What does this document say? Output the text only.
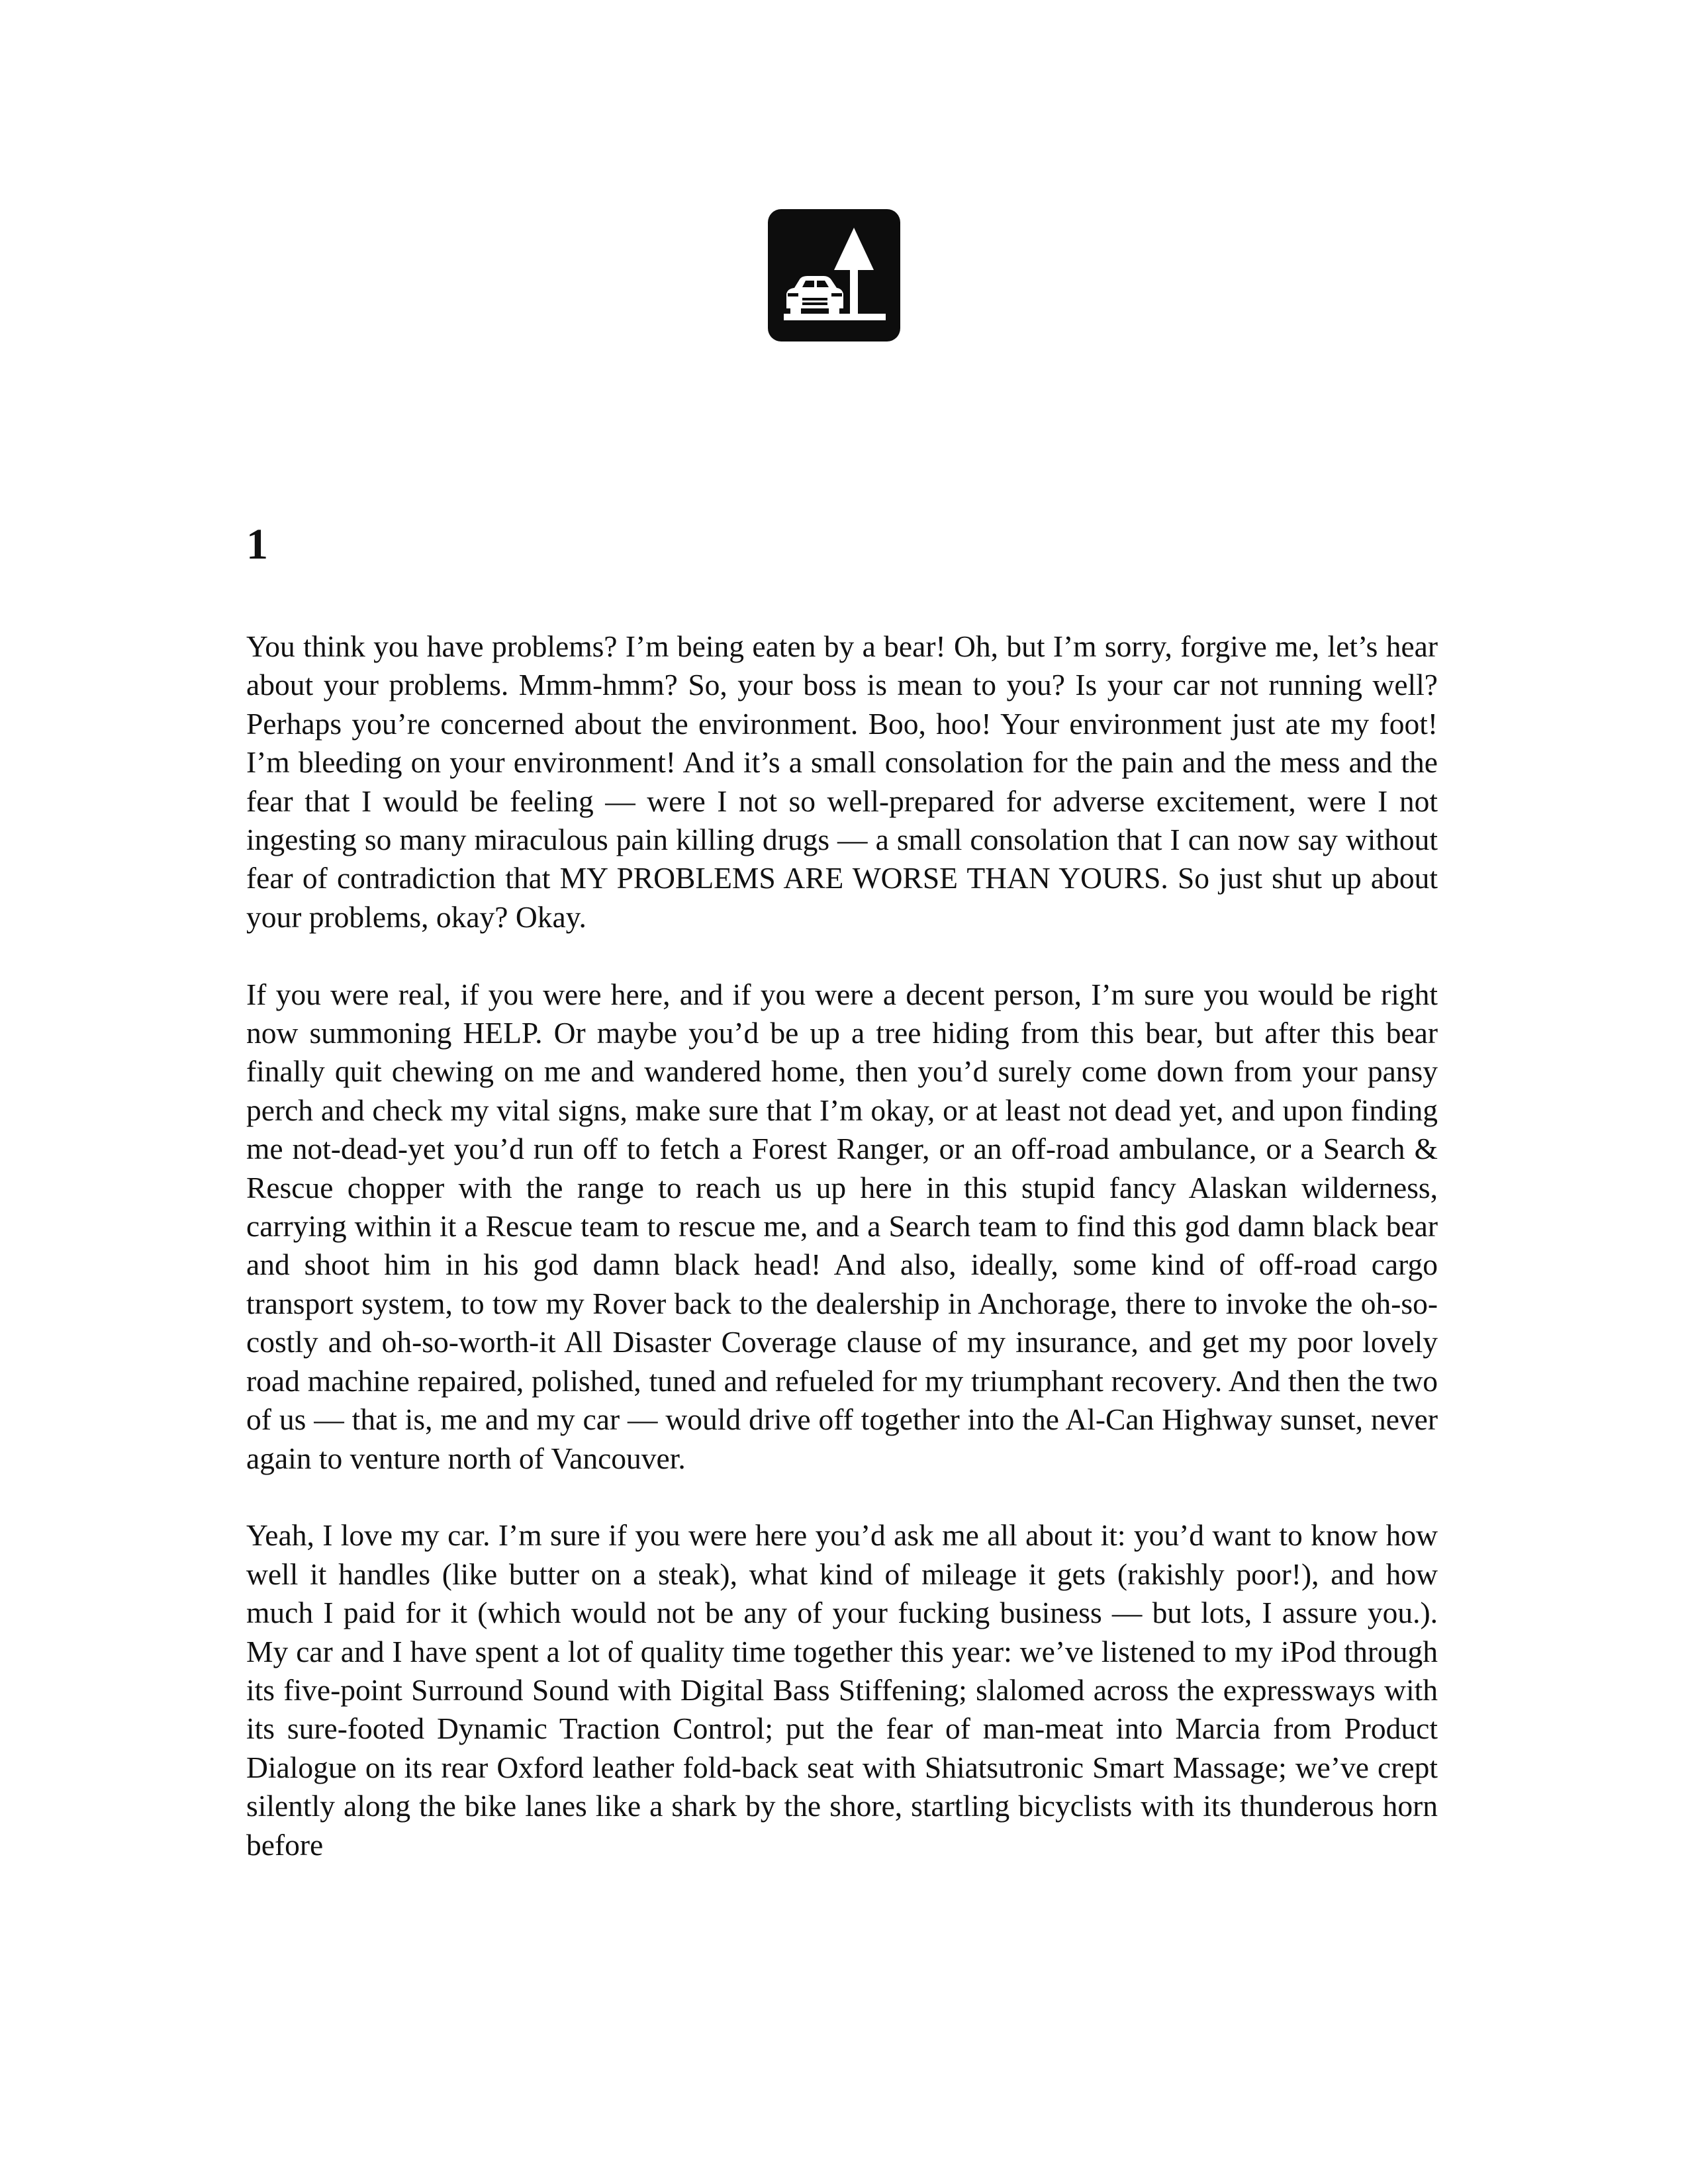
1

You think you have problems? I’m being eaten by a bear! Oh, but I’m sorry, forgive me, let’s hear about your problems. Mmm-hmm? So, your boss is mean to you? Is your car not running well? Perhaps you’re concerned about the environment. Boo, hoo! Your environment just ate my foot! I’m bleeding on your environment! And it’s a small consolation for the pain and the mess and the fear that I would be feeling — were I not so well-prepared for adverse excitement, were I not ingesting so many miraculous pain killing drugs — a small consolation that I can now say without fear of contradiction that MY PROBLEMS ARE WORSE THAN YOURS. So just shut up about your problems, okay? Okay.

If you were real, if you were here, and if you were a decent person, I’m sure you would be right now summoning HELP. Or maybe you’d be up a tree hiding from this bear, but after this bear finally quit chewing on me and wandered home, then you’d surely come down from your pansy perch and check my vital signs, make sure that I’m okay, or at least not dead yet, and upon finding me not-dead-yet you’d run off to fetch a Forest Ranger, or an off-road ambulance, or a Search & Rescue chopper with the range to reach us up here in this stupid fancy Alaskan wilderness, carrying within it a Rescue team to rescue me, and a Search team to find this god damn black bear and shoot him in his god damn black head! And also, ideally, some kind of off-road cargo transport system, to tow my Rover back to the dealership in Anchorage, there to invoke the oh-so-costly and oh-so-worth-it All Disaster Coverage clause of my insurance, and get my poor lovely road machine repaired, polished, tuned and refueled for my triumphant recovery. And then the two of us — that is, me and my car — would drive off together into the Al-Can Highway sunset, never again to venture north of Vancouver.

Yeah, I love my car. I’m sure if you were here you’d ask me all about it: you’d want to know how well it handles (like butter on a steak), what kind of mileage it gets (rakishly poor!), and how much I paid for it (which would not be any of your fucking business — but lots, I assure you.). My car and I have spent a lot of quality time together this year: we’ve listened to my iPod through its five-point Surround Sound with Digital Bass Stiffening; slalomed across the expressways with its sure-footed Dynamic Traction Control; put the fear of man-meat into Marcia from Product Dialogue on its rear Oxford leather fold-back seat with Shiatsutronic Smart Massage; we’ve crept silently along the bike lanes like a shark by the shore, startling bicyclists with its thunderous horn before
